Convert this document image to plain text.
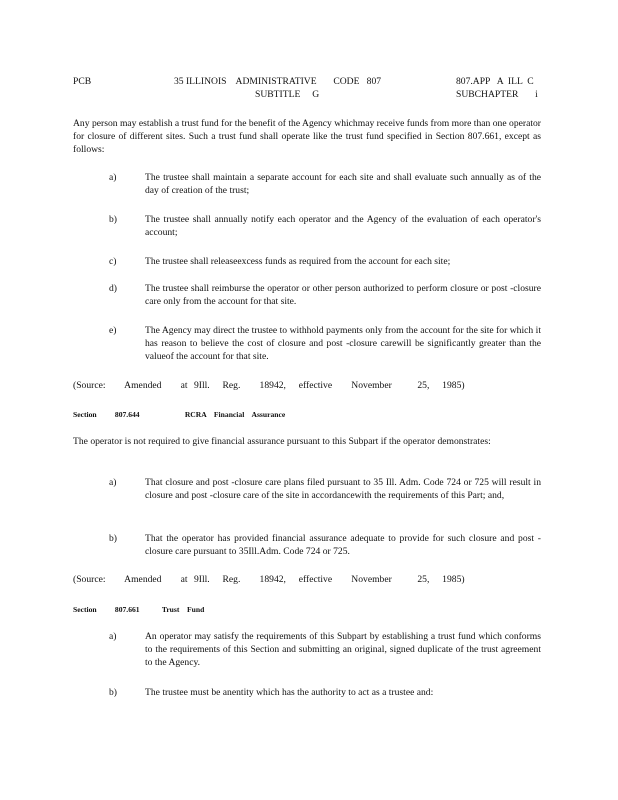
PCB	35 ILLINOIS    ADMINISTRATIVE       CODE   807
SUBTITLE     G
807.APP   A  ILL  C
SUBCHAPTER       i
Any person may establish a trust fund for the benefit of the Agency whichmay receive funds from more than one operator for closure of different sites. Such a trust fund shall operate like the trust fund specified in Section 807.661, except as follows:
a)	The trustee shall maintain a separate account for each site and shall evaluate such annually as of the day of creation of the trust;
b)	The trustee shall annually notify each operator and the Agency of the evaluation of each operator's account;
c)	The trustee shall releaseexcess funds as required from the account for each site;
d)	The trustee shall reimburse the operator or other person authorized to perform closure or post -closure care only from the account for that site.
e)	The Agency may direct the trustee to withhold payments only from the account for the site for which it has reason to believe the cost of closure and post -closure carewill be significantly greater than the valueof the account for that site.
(Source:   Amended   at 9Ill.  Reg.   18942,  effective   November    25,  1985)
Section 807.644	RCRA    Financial    Assurance
The operator is not required to give financial assurance pursuant to this Subpart if the operator demonstrates:
a)	That closure and post -closure care plans filed pursuant to 35 Ill. Adm. Code 724 or 725 will result in closure and post -closure care of the site in accordancewith the requirements of this Part; and,
b)	That the operator has provided financial assurance adequate to provide for such closure and post -closure care pursuant to 35Ill.Adm. Code 724 or 725.
(Source:   Amended   at 9Ill.  Reg.   18942,  effective   November    25,  1985)
Section 807.661	Trust    Fund
a)	An operator may satisfy the requirements of this Subpart by establishing a trust fund which conforms to the requirements of this Section and submitting an original, signed duplicate of the trust agreement to the Agency.
b)	The trustee must be anentity which has the authority to act as a trustee and:
